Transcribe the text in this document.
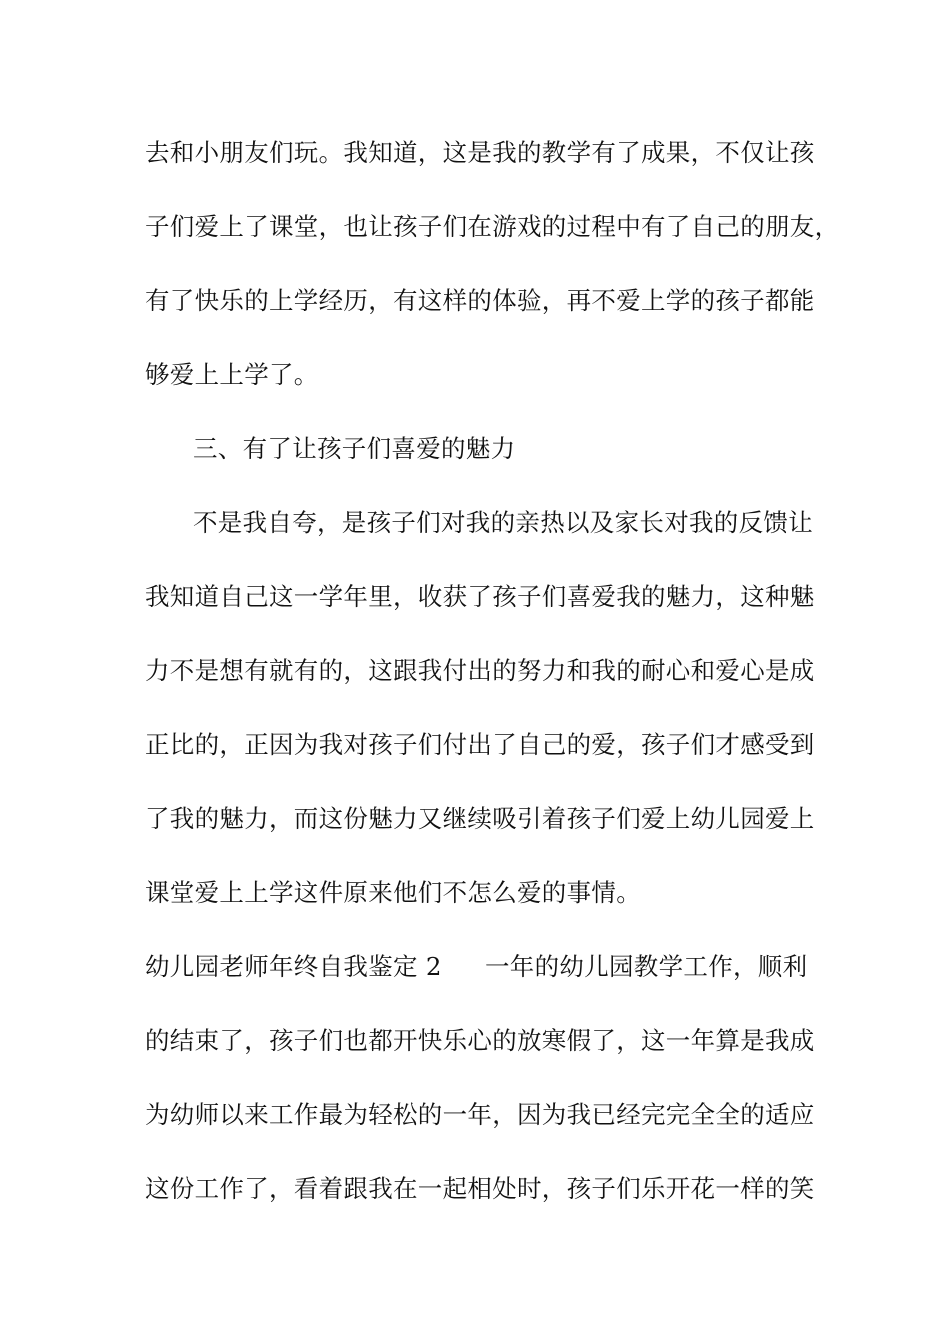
去和小朋友们玩。我知道，这是我的教学有了成果，不仅让孩
子们爱上了课堂，也让孩子们在游戏的过程中有了自己的朋友，
有了快乐的上学经历，有这样的体验，再不爱上学的孩子都能
够爱上上学了。
三、有了让孩子们喜爱的魅力
不是我自夸，是孩子们对我的亲热以及家长对我的反馈让
我知道自己这一学年里，收获了孩子们喜爱我的魅力，这种魅
力不是想有就有的，这跟我付出的努力和我的耐心和爱心是成
正比的，正因为我对孩子们付出了自己的爱，孩子们才感受到
了我的魅力，而这份魅力又继续吸引着孩子们爱上幼儿园爱上
课堂爱上上学这件原来他们不怎么爱的事情。
幼儿园老师年终自我鉴定 2 一年的幼儿园教学工作，顺利
的结束了，孩子们也都开快乐心的放寒假了，这一年算是我成
为幼师以来工作最为轻松的一年，因为我已经完完全全的适应
这份工作了，看着跟我在一起相处时，孩子们乐开花一样的笑
